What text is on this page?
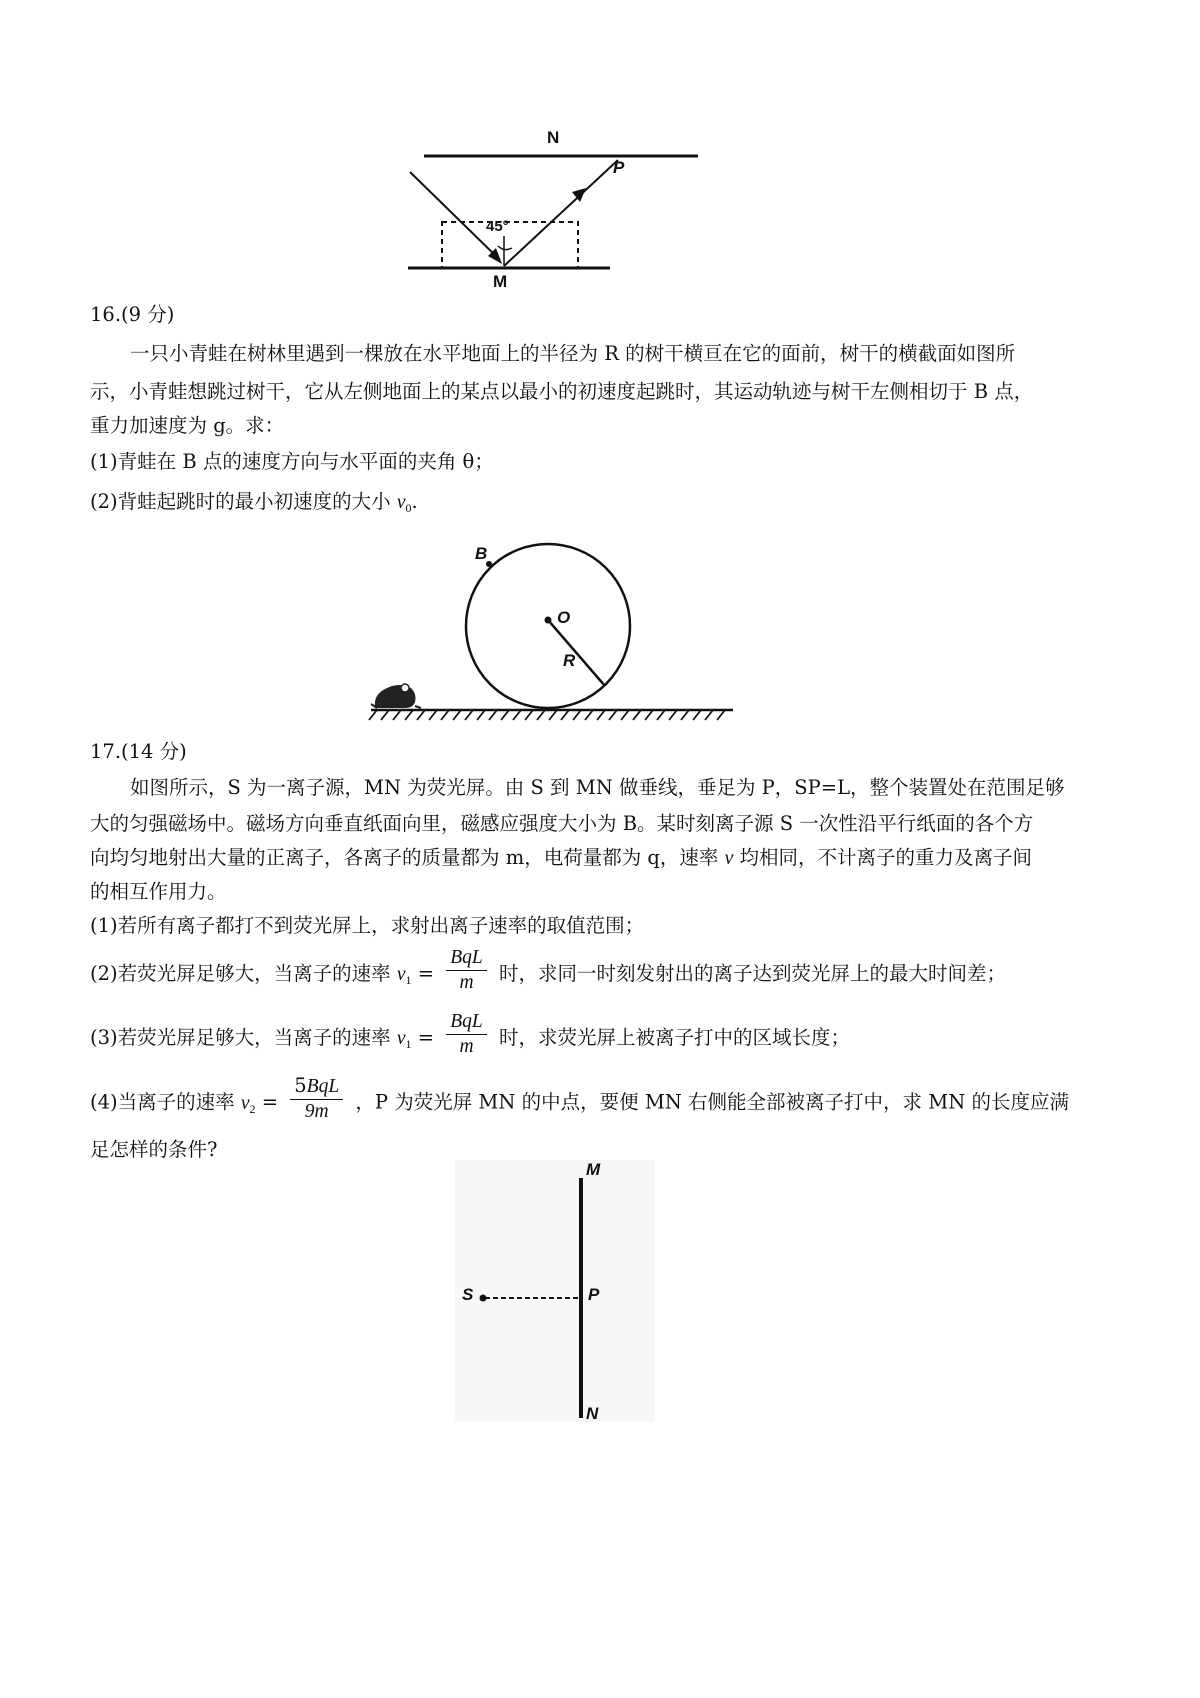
N
P
M
45°
16.(9 分)
一只小青蛙在树林里遇到一棵放在水平地面上的半径为 R 的树干横亘在它的面前，树干的横截面如图所
示，小青蛙想跳过树干，它从左侧地面上的某点以最小的初速度起跳时，其运动轨迹与树干左侧相切于 B 点，
重力加速度为 g。求：
(1)青蛙在 B 点的速度方向与水平面的夹角 θ；
(2)背蛙起跳时的最小初速度的大小 $v_0$.
B
O
R
17.(14 分)
如图所示，S 为一离子源，MN 为荧光屏。由 S 到 MN 做垂线，垂足为 P，SP=L，整个装置处在范围足够
大的匀强磁场中。磁场方向垂直纸面向里，磁感应强度大小为 B。某时刻离子源 S 一次性沿平行纸面的各个方
向均匀地射出大量的正离子，各离子的质量都为 m，电荷量都为 q，速率 v 均相同，不计离子的重力及离子间
的相互作用力。
(1)若所有离子都打不到荧光屏上，求射出离子速率的取值范围；
(2)若荧光屏足够大，当离子的速率 $v_1 = \frac{\text{BqL}}{m}$ 时，求同一时刻发射出的离子达到荧光屏上的最大时间差；
(3)若荧光屏足够大，当离子的速率 $v_1 = \frac{\text{BqL}}{m}$ 时，求荧光屏上被离子打中的区域长度；
(4)当离子的速率 $v_2 = \frac{\text{5BqL}}{9m}$ ，P 为荧光屏 MN 的中点，要便 MN 右侧能全部被离子打中，求 MN 的长度应满
足怎样的条件?
M
S	P
N
